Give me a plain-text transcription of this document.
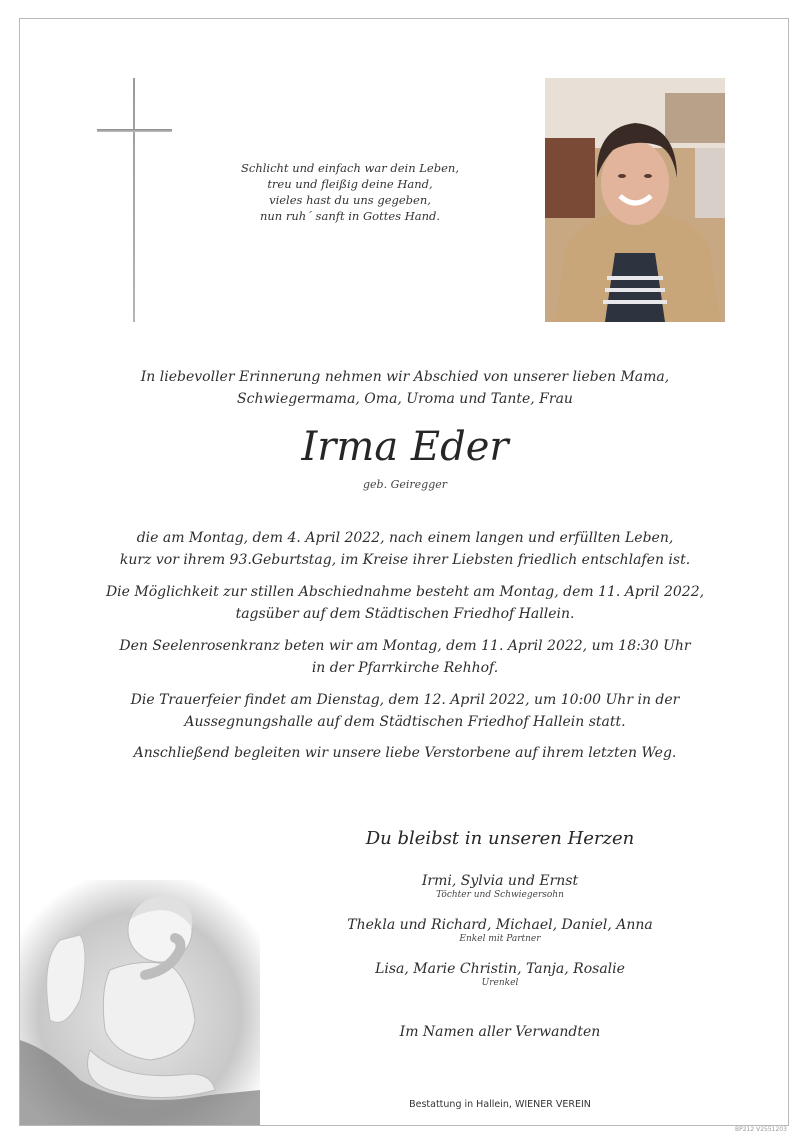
Schlicht und einfach war dein Leben,
treu und fleißig deine Hand,
vieles hast du uns gegeben,
nun ruh´ sanft in Gottes Hand.
In liebevoller Erinnerung nehmen wir Abschied von unserer lieben Mama,
Schwiegermama, Oma, Uroma und Tante, Frau
Irma Eder
geb. Geiregger
die am Montag, dem 4. April 2022, nach einem langen und erfüllten Leben,
kurz vor ihrem 93.Geburtstag, im Kreise ihrer Liebsten friedlich entschlafen ist.
Die Möglichkeit zur stillen Abschiednahme besteht am Montag, dem 11. April 2022,
tagsüber auf dem Städtischen Friedhof Hallein.
Den Seelenrosenkranz beten wir am Montag, dem 11. April 2022, um 18:30 Uhr
in der Pfarrkirche Rehhof.
Die Trauerfeier findet am Dienstag, dem 12. April 2022, um 10:00 Uhr in der
Aussegnungshalle auf dem Städtischen Friedhof Hallein statt.
Anschließend begleiten wir unsere liebe Verstorbene auf ihrem letzten Weg.
Du bleibst in unseren Herzen
Irmi, Sylvia und Ernst
Töchter und Schwiegersohn
Thekla und Richard, Michael, Daniel, Anna
Enkel mit Partner
Lisa, Marie Christin, Tanja, Rosalie
Urenkel
Im Namen aller Verwandten
Bestattung in Hallein, WIENER VEREIN
BP212 V2551203
